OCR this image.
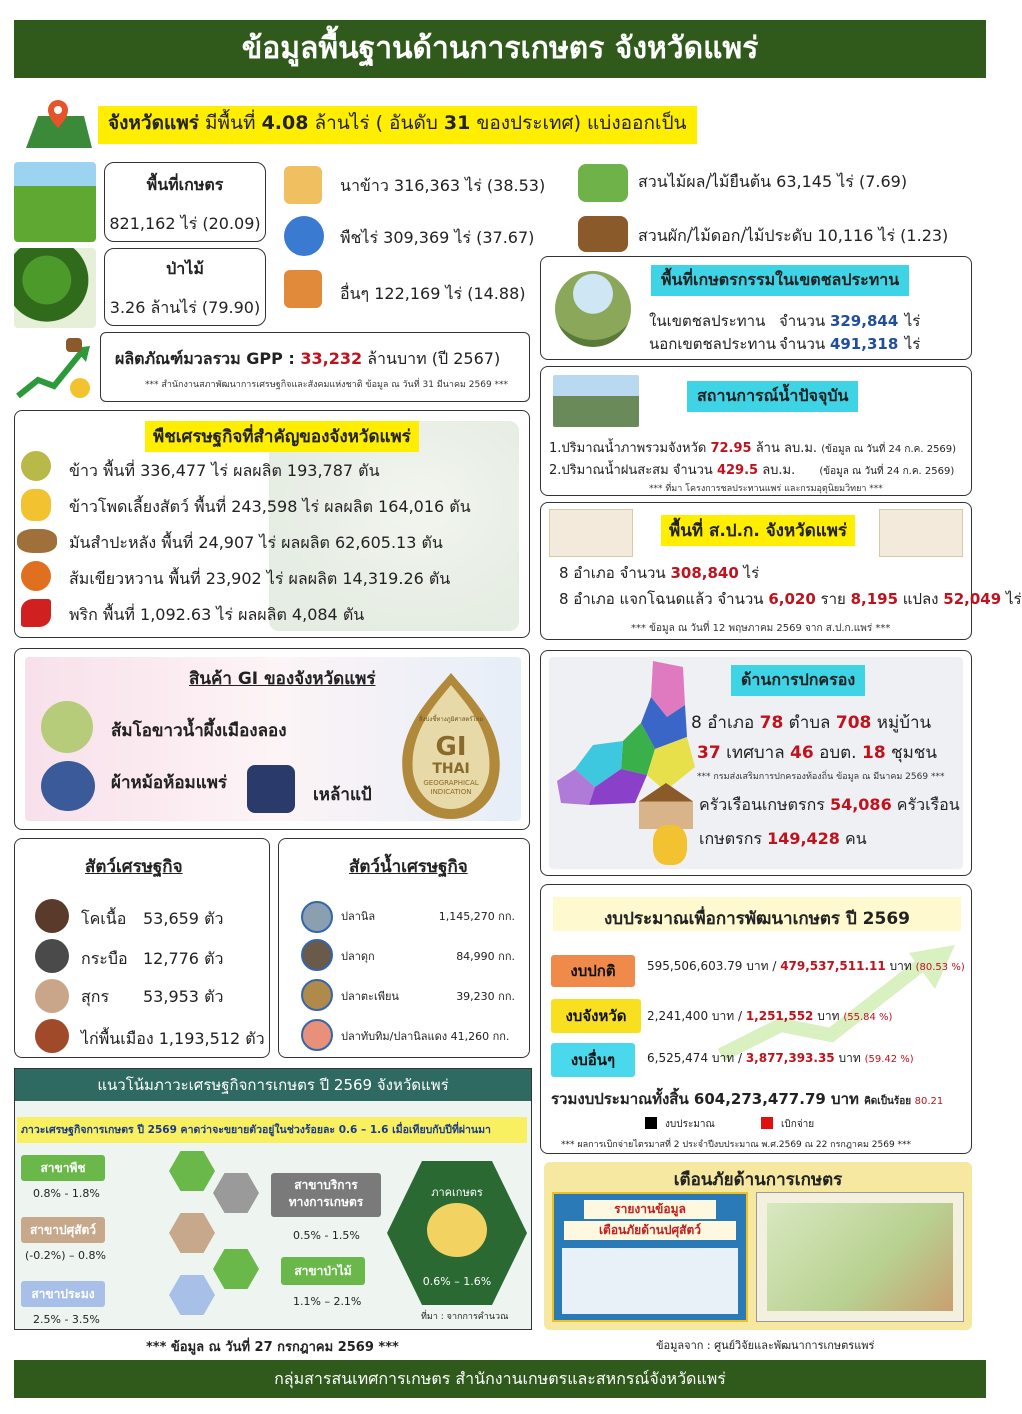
ข้อมูลพื้นฐานด้านการเกษตร จังหวัดแพร่
จังหวัดแพร่ มีพื้นที่ 4.08 ล้านไร่ ( อันดับ 31 ของประเทศ) แบ่งออกเป็น
พื้นที่เกษตร
821,162 ไร่ (20.09)
ป่าไม้
3.26 ล้านไร่ (79.90)
นาข้าว 316,363 ไร่ (38.53)
พืชไร่ 309,369 ไร่ (37.67)
อื่นๆ 122,169 ไร่ (14.88)
สวนไม้ผล/ไม้ยืนต้น 63,145 ไร่ (7.69)
สวนผัก/ไม้ดอก/ไม้ประดับ 10,116 ไร่ (1.23)
ผลิตภัณฑ์มวลรวม GPP : 33,232 ล้านบาท (ปี 2567)
*** สำนักงานสภาพัฒนาการเศรษฐกิจและสังคมแห่งชาติ ข้อมูล ณ วันที่ 31 มีนาคม 2569 ***
พื้นที่เกษตรกรรมในเขตชลประทาน
ในเขตชลประทาน จำนวน 329,844 ไร่
นอกเขตชลประทาน จำนวน 491,318 ไร่
สถานการณ์น้ำปัจจุบัน
1.ปริมาณน้ำภาพรวมจังหวัด 72.95 ล้าน ลบ.ม. (ข้อมูล ณ วันที่ 24 ก.ค. 2569)
2.ปริมาณน้ำฝนสะสม จำนวน 429.5 ลบ.ม. (ข้อมูล ณ วันที่ 24 ก.ค. 2569)
*** ที่มา โครงการชลประทานแพร่ และกรมอุตุนิยมวิทยา ***
พืชเศรษฐกิจที่สำคัญของจังหวัดแพร่
ข้าว พื้นที่ 336,477 ไร่ ผลผลิต 193,787 ตัน
ข้าวโพดเลี้ยงสัตว์ พื้นที่ 243,598 ไร่ ผลผลิต 164,016 ตัน
มันสำปะหลัง พื้นที่ 24,907 ไร่ ผลผลิต 62,605.13 ตัน
ส้มเขียวหวาน พื้นที่ 23,902 ไร่ ผลผลิต 14,319.26 ตัน
พริก พื้นที่ 1,092.63 ไร่ ผลผลิต 4,084 ตัน
พื้นที่ ส.ป.ก. จังหวัดแพร่
8 อำเภอ จำนวน 308,840 ไร่
8 อำเภอ แจกโฉนดแล้ว จำนวน 6,020 ราย 8,195 แปลง 52,049 ไร่
*** ข้อมูล ณ วันที่ 12 พฤษภาคม 2569 จาก ส.ป.ก.แพร่ ***
สินค้า GI ของจังหวัดแพร่
ส้มโอขาวน้ำผึ้งเมืองลอง
ผ้าหม้อห้อมแพร่
เหล้าแป้
สิ่งบ่งชี้ทางภูมิศาสตร์ไทย
GI
THAI
GEOGRAPHICAL
INDICATION
ด้านการปกครอง
8 อำเภอ 78 ตำบล 708 หมู่บ้าน
37 เทศบาล 46 อบต. 18 ชุมชน
*** กรมส่งเสริมการปกครองท้องถิ่น ข้อมูล ณ มีนาคม 2569 ***
ครัวเรือนเกษตรกร 54,086 ครัวเรือน
เกษตรกร 149,428 คน
สัตว์เศรษฐกิจ
โคเนื้อ 53,659 ตัว
กระบือ 12,776 ตัว
สุกร 53,953 ตัว
ไก่พื้นเมือง 1,193,512 ตัว
สัตว์น้ำเศรษฐกิจ
ปลานิล	1,145,270 กก.
ปลาดุก	84,990 กก.
ปลาตะเพียน	39,230 กก.
ปลาทับทิม/ปลานิลแดง 41,260 กก.
งบประมาณเพื่อการพัฒนาเกษตร ปี 2569
งบปกติ	595,506,603.79 บาท / 479,537,511.11 บาท (80.53 %)
งบจังหวัด	2,241,400 บาท / 1,251,552 บาท (55.84 %)
งบอื่นๆ	6,525,474 บาท / 3,877,393.35 บาท (59.42 %)
รวมงบประมาณทั้งสิ้น 604,273,477.79 บาท คิดเป็นร้อย 80.21
งบประมาณ	เบิกจ่าย
*** ผลการเบิกจ่ายไตรมาสที่ 2 ประจำปีงบประมาณ พ.ศ.2569 ณ 22 กรกฎาคม 2569 ***
แนวโน้มภาวะเศรษฐกิจการเกษตร ปี 2569 จังหวัดแพร่
ภาวะเศรษฐกิจการเกษตร ปี 2569 คาดว่าจะขยายตัวอยู่ในช่วงร้อยละ 0.6 – 1.6 เมื่อเทียบกับปีที่ผ่านมา
สาขาพืช
0.8% - 1.8%
สาขาปศุสัตว์
(-0.2%) – 0.8%
สาขาประมง
2.5% - 3.5%
สาขาบริการ
ทางการเกษตร
0.5% - 1.5%
สาขาป่าไม้
1.1% – 2.1%
ภาคเกษตร
0.6% – 1.6%
ที่มา : จากการคำนวณ
*** ข้อมูล ณ วันที่ 27 กรกฎาคม 2569 ***
เตือนภัยด้านการเกษตร
รายงานข้อมูล
เตือนภัยด้านปศุสัตว์
ข้อมูลจาก : ศูนย์วิจัยและพัฒนาการเกษตรแพร่
กลุ่มสารสนเทศการเกษตร สำนักงานเกษตรและสหกรณ์จังหวัดแพร่
